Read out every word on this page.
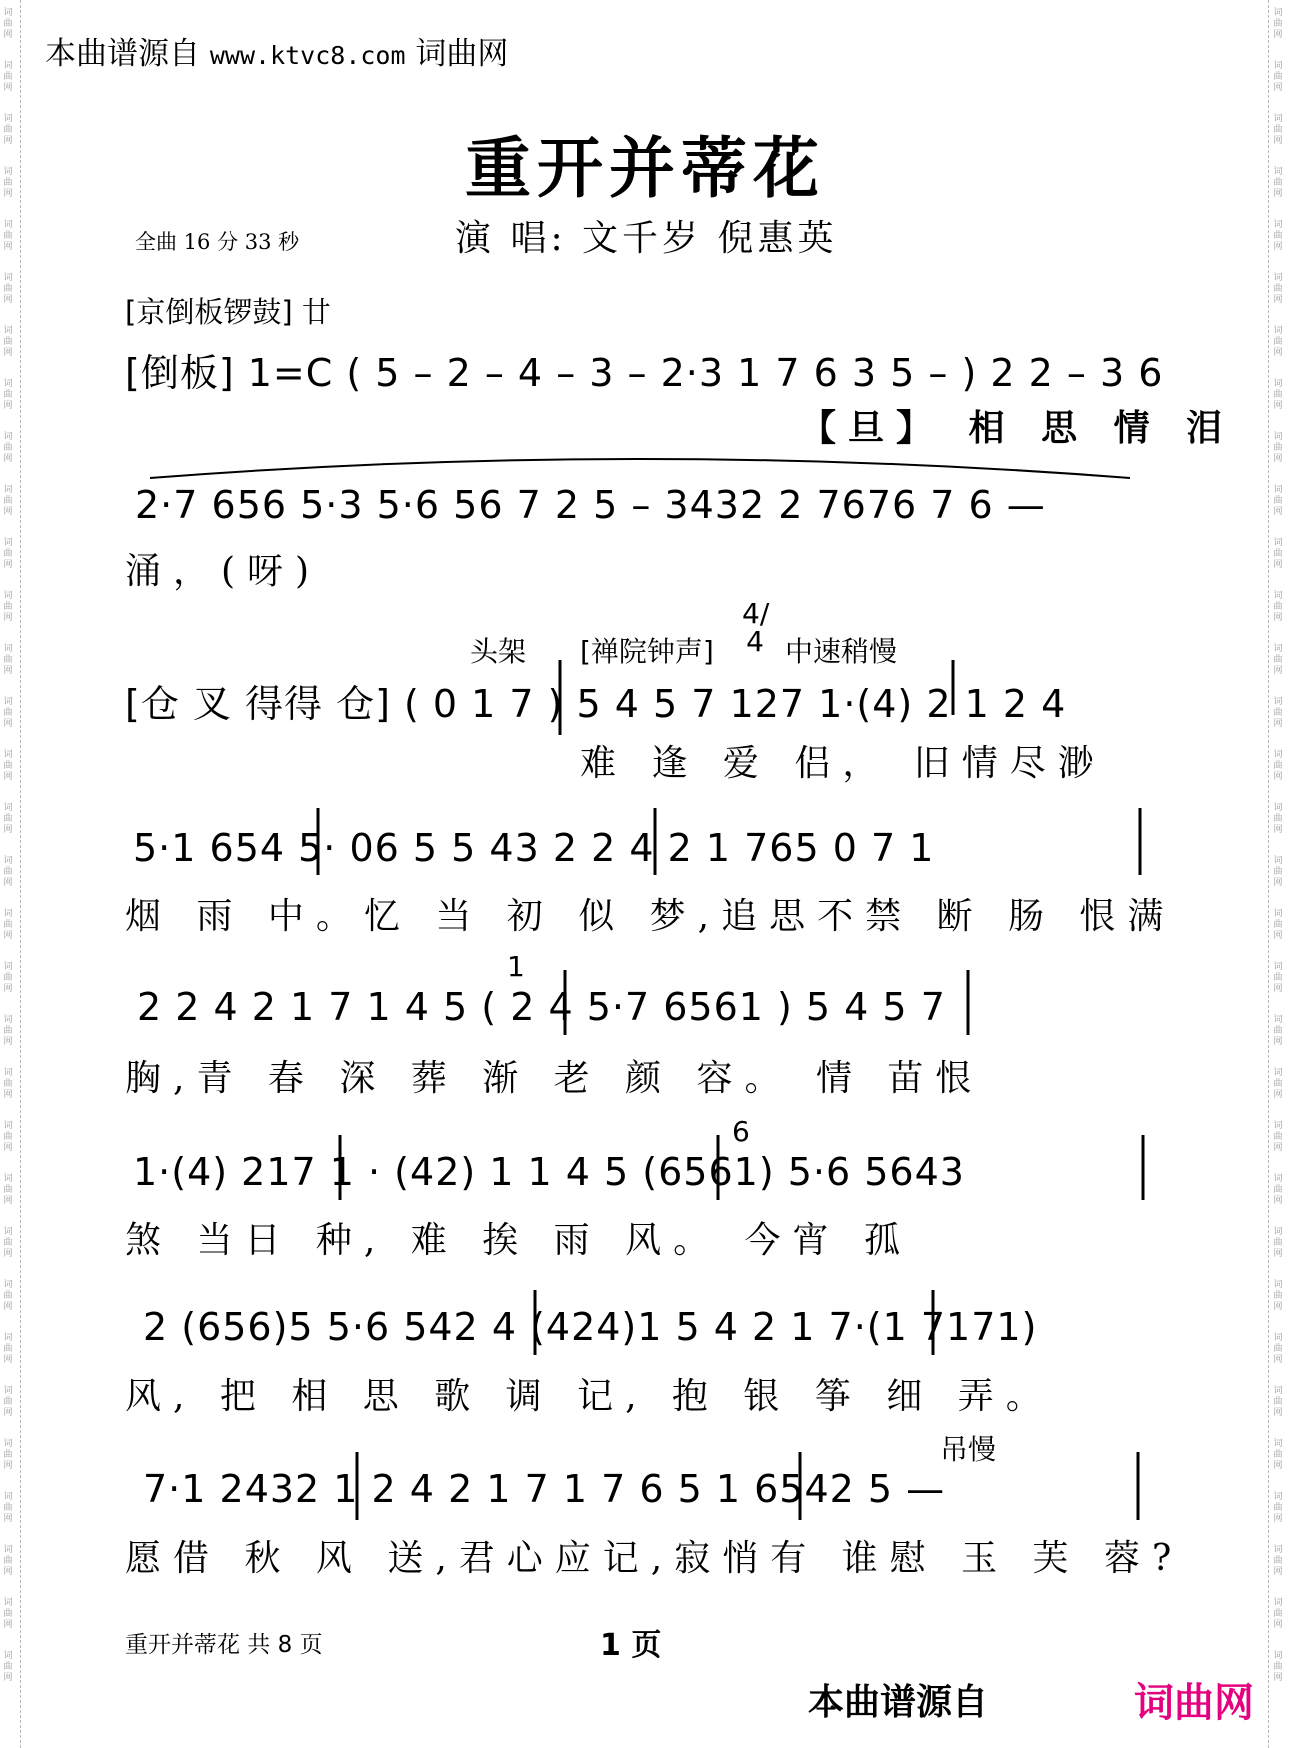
词曲网
词曲网
词曲网
词曲网
词曲网
词曲网
词曲网
词曲网
词曲网
词曲网
词曲网
词曲网
词曲网
词曲网
词曲网
词曲网
词曲网
词曲网
词曲网
词曲网
词曲网
词曲网
词曲网
词曲网
词曲网
词曲网
词曲网
词曲网
词曲网
词曲网
词曲网
词曲网
词曲网
词曲网
词曲网
词曲网
词曲网
词曲网
词曲网
词曲网
词曲网
词曲网
词曲网
词曲网
词曲网
词曲网
词曲网
词曲网
词曲网
词曲网
词曲网
词曲网
词曲网
词曲网
词曲网
词曲网
词曲网
词曲网
词曲网
词曲网
词曲网
词曲网
词曲网
词曲网
本曲谱源自 www.ktvc8.com 词曲网
重开并蒂花
全曲 16 分 33 秒	演 唱: 文千岁 倪惠英
[京倒板锣鼓] 廿
[倒板] 1=C ( 5 – 2 – 4 – 3 – 2·3 1 7 6 3 5 – ) 2 2 – 3 6
【旦】 相 思 情 泪
2·7 656 5·3 5·6 56 7 2 5 – 3432 2 7676 7 6 —
涌，(呀)
头架 [禅院钟声]
4/4 中速稍慢
[仓 叉 得得 仓] ( 0 1 7 ) 5 4 5 7 127 1·(4) 2 1 2 4
难 逢 爱 侣， 旧情尽渺
5·1 654 5· 06 5 5 43 2 2 4 2 1 765 0 7 1
烟 雨 中。忆 当 初 似 梦,追思不禁 断 肠 恨满
1
2 2 4 2 1 7 1 4 5 ( 2 4 5·7 6561 ) 5 4 5 7
胸,青 春 深 葬 渐 老 颜 容。 情 苗恨
6
1·(4) 217 1 · (42) 1 1 4 5 (6561) 5·6 5643
煞 当日 种, 难 挨 雨 风。 今宵 孤
2 (656)5 5·6 542 4 (424)1 5 4 2 1 7·(1 7171)
风, 把 相 思 歌 调 记, 抱 银 筝 细 弄。
吊慢
7·1 2432 1 2 4 2 1 7 1 7 6 5 1 6542 5 —
愿借 秋 风 送,君心应记,寂悄有 谁慰 玉 芙 蓉?
重开并蒂花 共 8 页	1 页
本曲谱源自	词曲网
